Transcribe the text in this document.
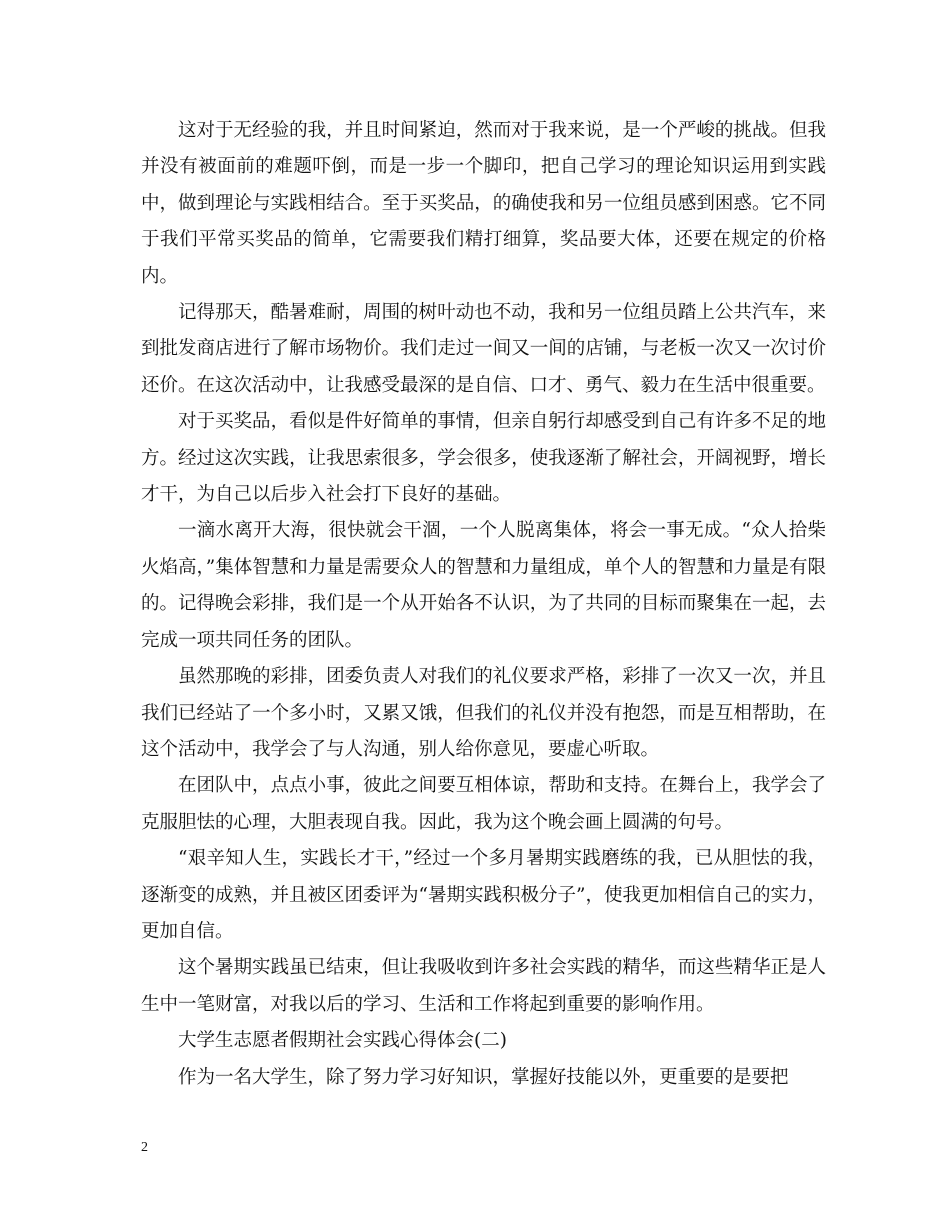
这对于无经验的我，并且时间紧迫，然而对于我来说，是一个严峻的挑战。但我并没有被面前的难题吓倒，而是一步一个脚印，把自己学习的理论知识运用到实践中，做到理论与实践相结合。至于买奖品，的确使我和另一位组员感到困惑。它不同于我们平常买奖品的简单，它需要我们精打细算，奖品要大体，还要在规定的价格内。

记得那天，酷暑难耐，周围的树叶动也不动，我和另一位组员踏上公共汽车，来到批发商店进行了解市场物价。我们走过一间又一间的店铺，与老板一次又一次讨价还价。在这次活动中，让我感受最深的是自信、口才、勇气、毅力在生活中很重要。

对于买奖品，看似是件好简单的事情，但亲自躬行却感受到自己有许多不足的地方。经过这次实践，让我思索很多，学会很多，使我逐渐了解社会，开阔视野，增长才干，为自己以后步入社会打下良好的基础。

一滴水离开大海，很快就会干涸，一个人脱离集体，将会一事无成。“众人拾柴火焰高，”集体智慧和力量是需要众人的智慧和力量组成，单个人的智慧和力量是有限的。记得晚会彩排，我们是一个从开始各不认识，为了共同的目标而聚集在一起，去完成一项共同任务的团队。

虽然那晚的彩排，团委负责人对我们的礼仪要求严格，彩排了一次又一次，并且我们已经站了一个多小时，又累又饿，但我们的礼仪并没有抱怨，而是互相帮助，在这个活动中，我学会了与人沟通，别人给你意见，要虚心听取。

在团队中，点点小事，彼此之间要互相体谅，帮助和支持。在舞台上，我学会了克服胆怯的心理，大胆表现自我。因此，我为这个晚会画上圆满的句号。

“艰辛知人生，实践长才干，”经过一个多月暑期实践磨练的我，已从胆怯的我，逐渐变的成熟，并且被区团委评为“暑期实践积极分子”，使我更加相信自己的实力，更加自信。

这个暑期实践虽已结束，但让我吸收到许多社会实践的精华，而这些精华正是人生中一笔财富，对我以后的学习、生活和工作将起到重要的影响作用。

大学生志愿者假期社会实践心得体会(二)

作为一名大学生，除了努力学习好知识，掌握好技能以外，更重要的是要把

2
